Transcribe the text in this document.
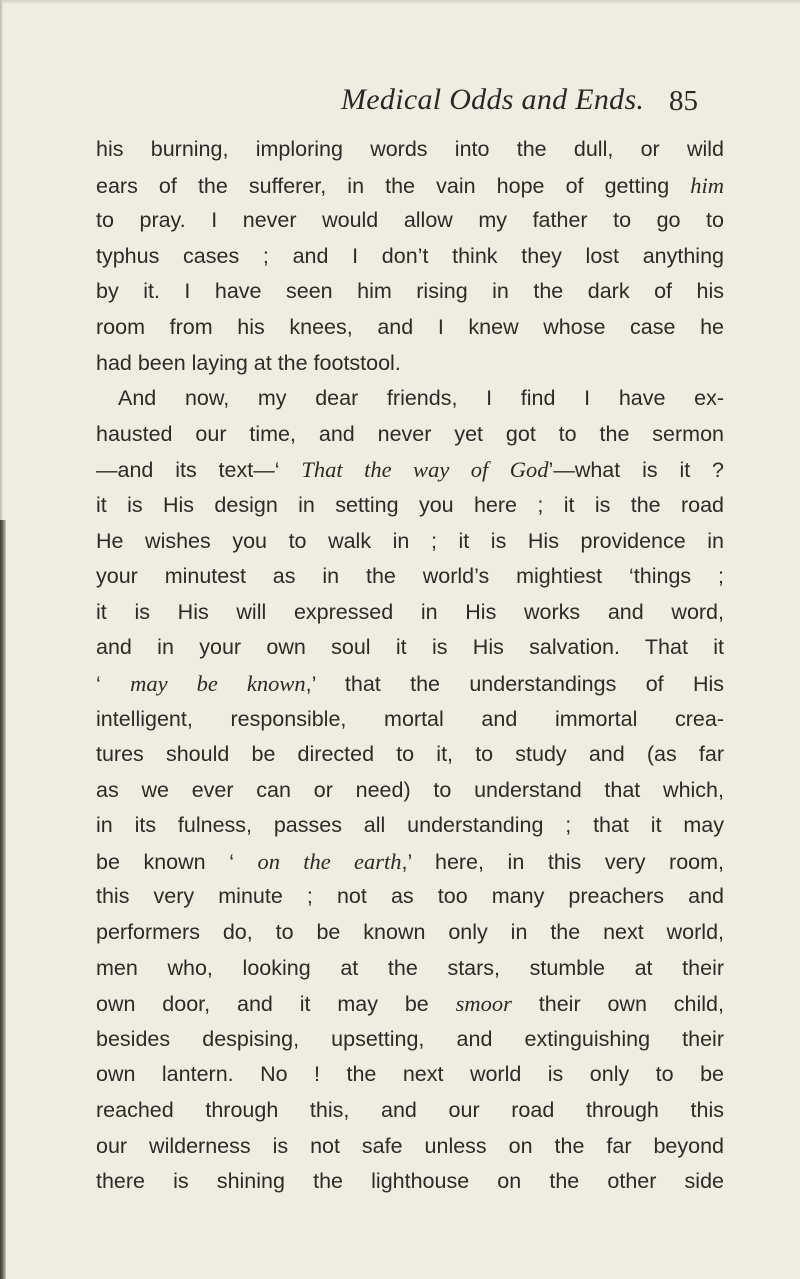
Medical Odds and Ends. 85
his burning, imploring words into the dull, or wild
ears of the sufferer, in the vain hope of getting him
to pray. I never would allow my father to go to
typhus cases ; and I don’t think they lost anything
by it. I have seen him rising in the dark of his
room from his knees, and I knew whose case he
had been laying at the footstool.
And now, my dear friends, I find I have ex-
hausted our time, and never yet got to the sermon
—and its text—‘ That the way of God’—what is it ?
it is His design in setting you here ; it is the road
He wishes you to walk in ; it is His providence in
your minutest as in the world’s mightiest ‘things ;
it is His will expressed in His works and word,
and in your own soul it is His salvation. That it
‘ may be known,’ that the understandings of His
intelligent, responsible, mortal and immortal crea-
tures should be directed to it, to study and (as far
as we ever can or need) to understand that which,
in its fulness, passes all understanding ; that it may
be known ‘ on the earth,’ here, in this very room,
this very minute ; not as too many preachers and
performers do, to be known only in the next world,
men who, looking at the stars, stumble at their
own door, and it may be smoor their own child,
besides despising, upsetting, and extinguishing their
own lantern. No ! the next world is only to be
reached through this, and our road through this
our wilderness is not safe unless on the far beyond
there is shining the lighthouse on the other side
